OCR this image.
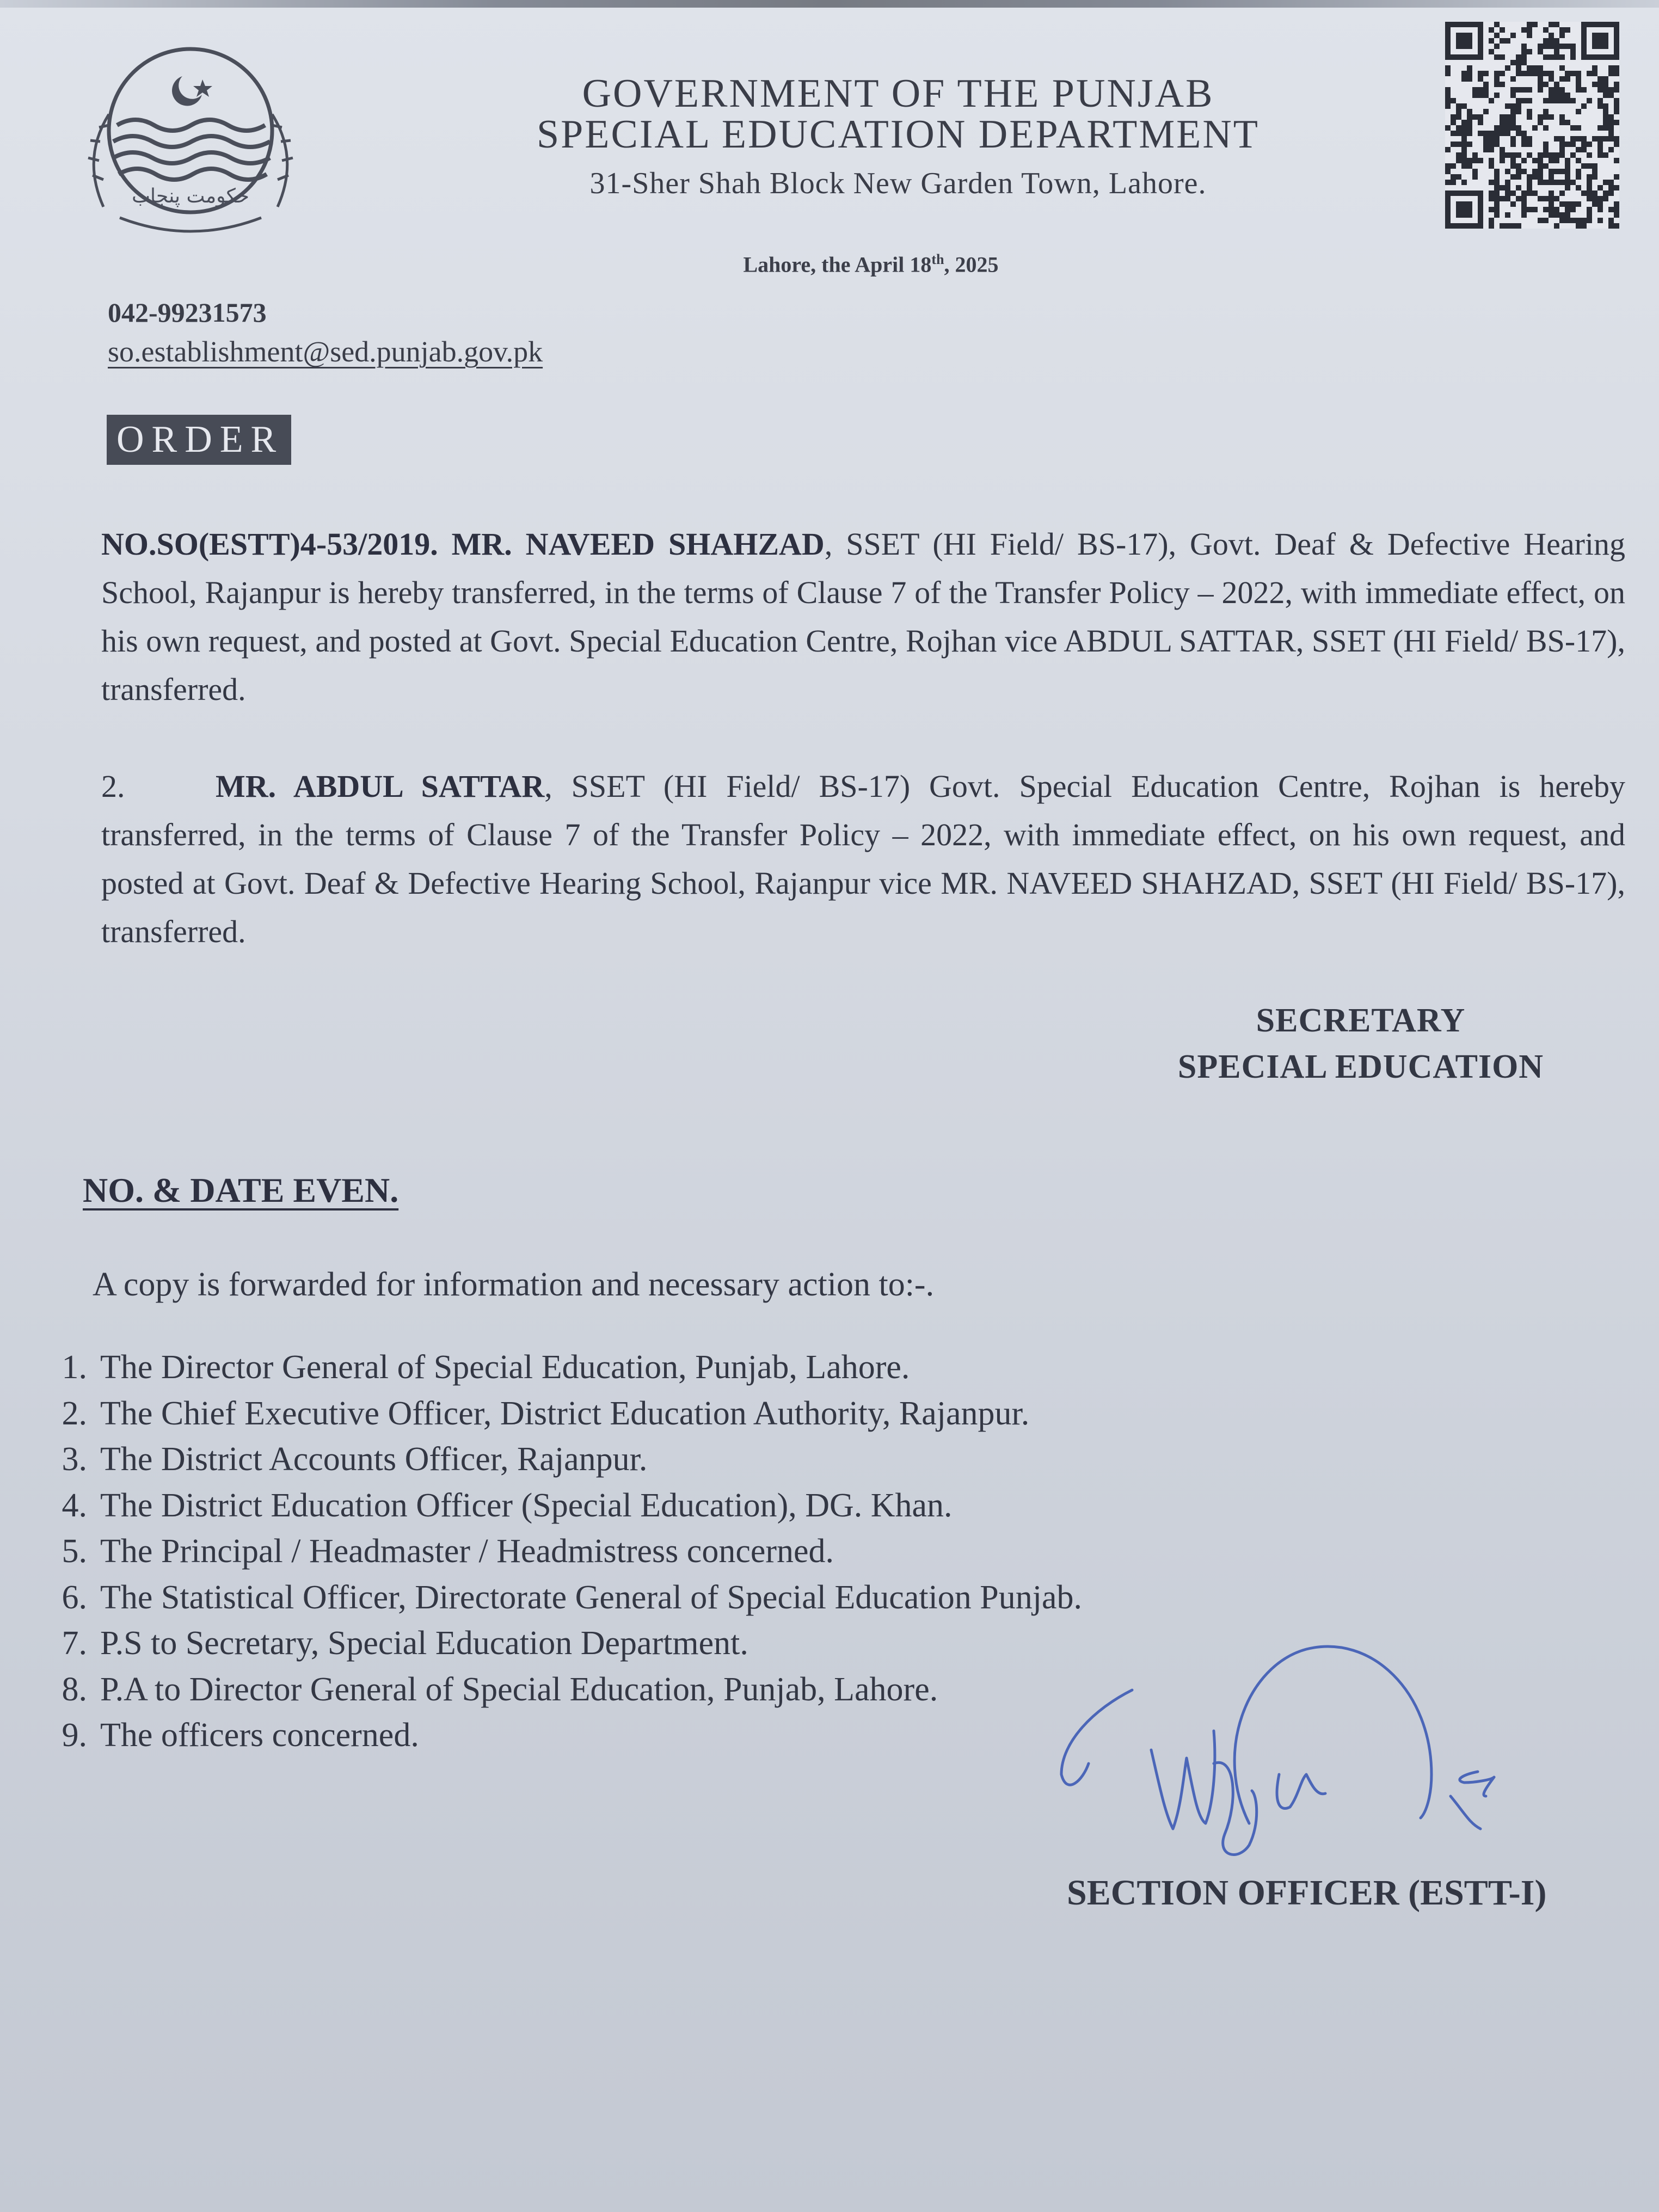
حکومت پنجاب
GOVERNMENT OF THE PUNJAB
SPECIAL EDUCATION DEPARTMENT
31-Sher Shah Block New Garden Town, Lahore.
Lahore, the April 18th, 2025
042-99231573
so.establishment@sed.punjab.gov.pk
ORDER
NO.SO(ESTT)4-53/2019. MR. NAVEED SHAHZAD, SSET (HI Field/ BS-17), Govt. Deaf & Defective Hearing School, Rajanpur is hereby transferred, in the terms of Clause 7 of the Transfer Policy – 2022, with immediate effect, on his own request, and posted at Govt. Special Education Centre, Rojhan vice ABDUL SATTAR, SSET (HI Field/ BS-17), transferred.
2.	MR. ABDUL SATTAR, SSET (HI Field/ BS-17) Govt. Special Education Centre, Rojhan is hereby transferred, in the terms of Clause 7 of the Transfer Policy – 2022, with immediate effect, on his own request, and posted at Govt. Deaf & Defective Hearing School, Rajanpur vice MR. NAVEED SHAHZAD, SSET (HI Field/ BS-17), transferred.
SECRETARY
SPECIAL EDUCATION
NO. & DATE EVEN.
A copy is forwarded for information and necessary action to:-.
1. The Director General of Special Education, Punjab, Lahore.
2. The Chief Executive Officer, District Education Authority, Rajanpur.
3. The District Accounts Officer, Rajanpur.
4. The District Education Officer (Special Education), DG. Khan.
5. The Principal / Headmaster / Headmistress concerned.
6. The Statistical Officer, Directorate General of Special Education Punjab.
7. P.S to Secretary, Special Education Department.
8. P.A to Director General of Special Education, Punjab, Lahore.
9. The officers concerned.
SECTION OFFICER (ESTT-I)
